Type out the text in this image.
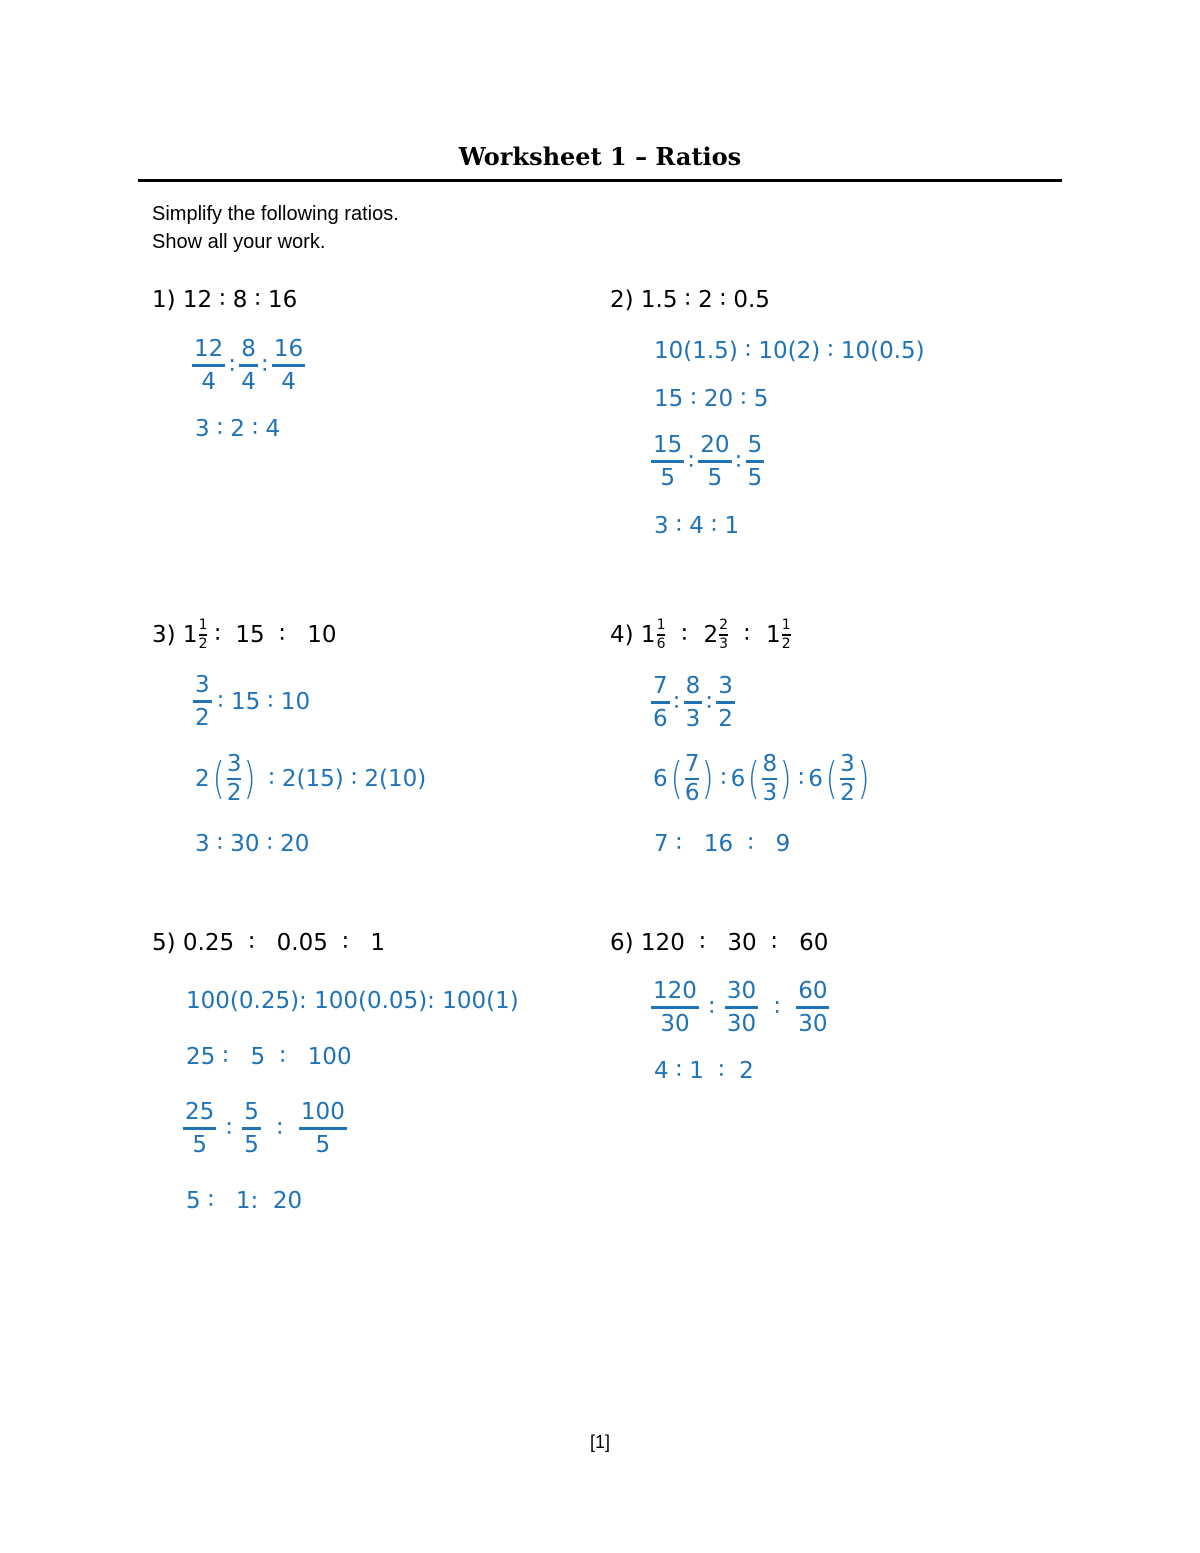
Worksheet 1 – Ratios
Simplify the following ratios.
Show all your work.
1) 12 ∶ 8 ∶ 16
$\frac{12}{4}$ ∶ $\frac{8}{4}$ ∶ $\frac{16}{4}$
3 ∶ 2 ∶ 4
2) 1.5 ∶ 2 ∶ 0.5
10(1.5) ∶ 10(2) ∶ 10(0.5)
15 ∶ 20 ∶ 5
$\frac{15}{5}$ ∶ $\frac{20}{5}$ ∶ $\frac{5}{5}$
3 ∶ 4 ∶ 1
3)
1 1
2 ∶  15  ∶   10
$\frac{3}{2}$ ∶ 15 ∶ 10
2 ( 3
2 ) ∶ 2(15) ∶ 2(10)
3 ∶ 30 ∶ 20
4)
1 1
6 ∶ 2 2
3 ∶ 1 1
2
$\frac{7}{6}$ ∶ $\frac{8}{3}$ ∶ $\frac{3}{2}$
6 ( 7
6 ) ∶ 6 ( 8
3 ) ∶ 6 ( 3
2 )
7 ∶   16  ∶   9
5) 0.25  ∶   0.05  ∶   1
100(0.25): 100(0.05): 100(1)
25 ∶   5  ∶   100
$\frac{25}{5}$ ∶ $\frac{5}{5}$ ∶ $\frac{100}{5}$
5 ∶   1:  20
6) 120  ∶   30  ∶   60
$\frac{120}{30}$ ∶ $\frac{30}{30}$ ∶ $\frac{60}{30}$
4 ∶ 1  ∶  2
[1]
